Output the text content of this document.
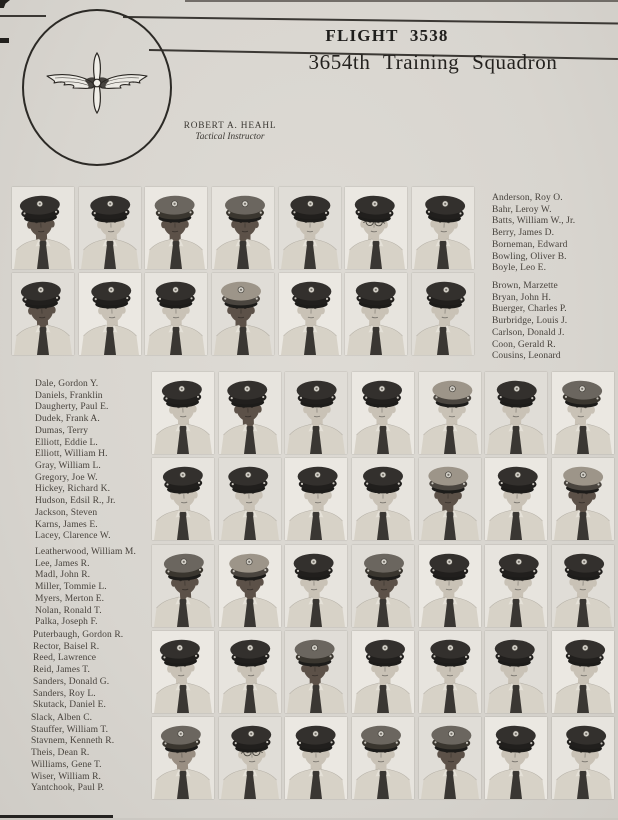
FLIGHT 3538
3654th Training Squadron
ROBERT A. HEAHL
Tactical Instructor
Anderson, Roy O.
Bahr, Leroy W.
Batts, William W., Jr.
Berry, James D.
Borneman, Edward
Bowling, Oliver B.
Boyle, Leo E.
Brown, Marzette
Bryan, John H.
Buerger, Charles P.
Burbridge, Louis J.
Carlson, Donald J.
Coon, Gerald R.
Cousins, Leonard
Dale, Gordon Y.
Daniels, Franklin
Daugherty, Paul E.
Dudek, Frank A.
Dumas, Terry
Elliott, Eddie L.
Elliott, William H.
Gray, William L.
Gregory, Joe W.
Hickey, Richard K.
Hudson, Edsil R., Jr.
Jackson, Steven
Karns, James E.
Lacey, Clarence W.
Leatherwood, William M.
Lee, James R.
Madl, John R.
Miller, Tommie L.
Myers, Merton E.
Nolan, Ronald T.
Palka, Joseph F.
Puterbaugh, Gordon R.
Rector, Baisel R.
Reed, Lawrence
Reid, James T.
Sanders, Donald G.
Sanders, Roy L.
Skutack, Daniel E.
Slack, Alben C.
Stauffer, William T.
Stavnem, Kenneth R.
Theis, Dean R.
Williams, Gene T.
Wiser, William R.
Yantchook, Paul P.
